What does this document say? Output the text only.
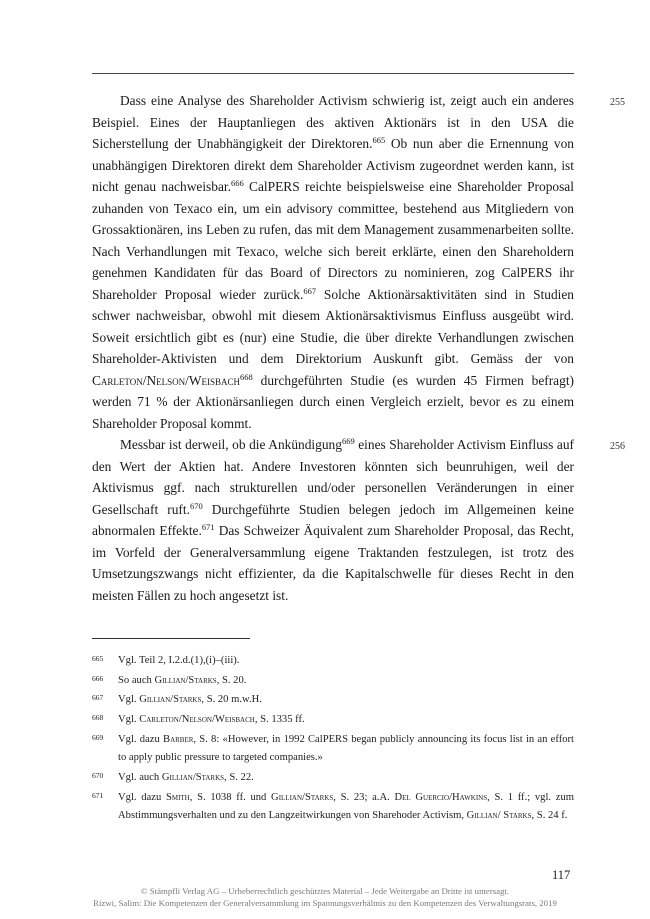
255
Dass eine Analyse des Shareholder Activism schwierig ist, zeigt auch ein anderes Beispiel. Eines der Hauptanliegen des aktiven Aktionärs ist in den USA die Sicherstellung der Unabhängigkeit der Direktoren.$^{665}$ Ob nun aber die Ernennung von unabhängigen Direktoren direkt dem Shareholder Activism zugeordnet werden kann, ist nicht genau nachweisbar.$^{666}$ CalPERS reichte beispielsweise eine Shareholder Proposal zuhanden von Texaco ein, um ein advisory committee, bestehend aus Mitgliedern von Grossaktionären, ins Leben zu rufen, das mit dem Management zusammenarbeiten sollte. Nach Verhandlungen mit Texaco, welche sich bereit erklärte, einen den Shareholdern genehmen Kandidaten für das Board of Directors zu nominieren, zog CalPERS ihr Shareholder Proposal wieder zurück.$^{667}$ Solche Aktionärsaktivitäten sind in Studien schwer nachweisbar, obwohl mit diesem Aktionärsaktivismus Einfluss ausgeübt wird. Soweit ersichtlich gibt es (nur) eine Studie, die über direkte Verhandlungen zwischen Shareholder-Aktivisten und dem Direktorium Auskunft gibt. Gemäss der von Carleton/Nelson/Weisbach$^{668}$ durchgeführten Studie (es wurden 45 Firmen befragt) werden 71 % der Aktionärsanliegen durch einen Vergleich erzielt, bevor es zu einem Shareholder Proposal kommt.

256
Messbar ist derweil, ob die Ankündigung$^{669}$ eines Shareholder Activism Einfluss auf den Wert der Aktien hat. Andere Investoren könnten sich beunruhigen, weil der Aktivismus ggf. nach strukturellen und/oder personellen Veränderungen in einer Gesellschaft ruft.$^{670}$ Durchgeführte Studien belegen jedoch im Allgemeinen keine abnormalen Effekte.$^{671}$ Das Schweizer Äquivalent zum Shareholder Proposal, das Recht, im Vorfeld der Generalversammlung eigene Traktanden festzulegen, ist trotz des Umsetzungszwangs nicht effizienter, da die Kapitalschwelle für dieses Recht in den meisten Fällen zu hoch angesetzt ist.

665	Vgl. Teil 2, I.2.d.(1),(i)–(iii).
666	So auch Gillian/Starks, S. 20.
667	Vgl. Gillian/Starks, S. 20 m.w.H.
668	Vgl. Carleton/Nelson/Weisbach, S. 1335 ff.
669	Vgl. dazu Barber, S. 8: «However, in 1992 CalPERS began publicly announcing its focus list in an effort to apply public pressure to targeted companies.»
670	Vgl. auch Gillian/Starks, S. 22.
671	Vgl. dazu Smith, S. 1038 ff. und Gillian/Starks, S. 23; a.A. Del Guercio/Hawkins, S. 1 ff.; vgl. zum Abstimmungsverhalten und zu den Langzeitwirkungen von Sharehoder Activism, Gillian/ Starks, S. 24 f.
117
© Stämpfli Verlag AG – Urheberrechtlich geschütztes Material – Jede Weitergabe an Dritte ist untersagt.
Rizwi, Salim: Die Kompetenzen der Generalversammlung im Spannungsverhältnis zu den Kompetenzen des Verwaltungsrats, 2019
